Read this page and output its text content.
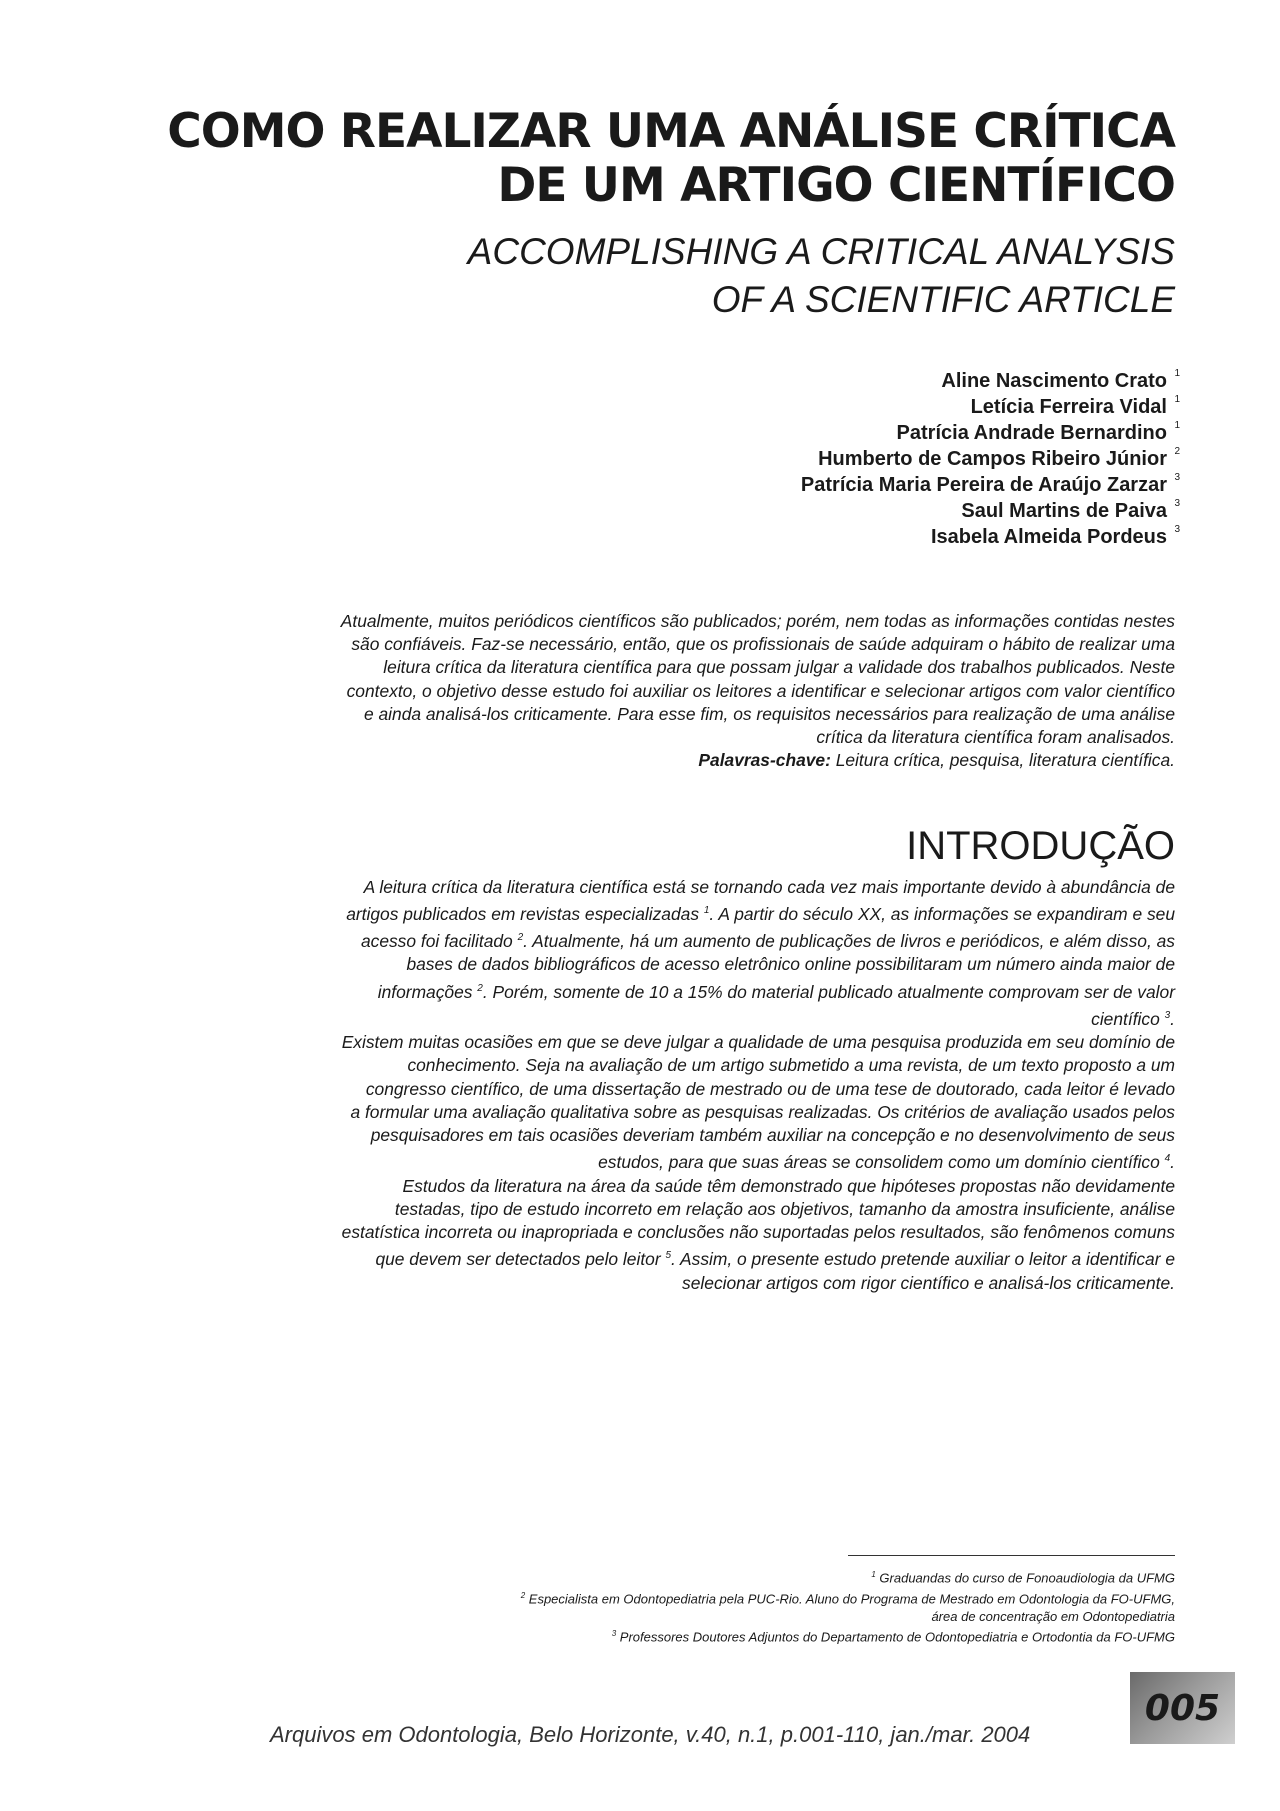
COMO REALIZAR UMA ANÁLISE CRÍTICA
DE UM ARTIGO CIENTÍFICO
ACCOMPLISHING A CRITICAL ANALYSIS
OF A SCIENTIFIC ARTICLE
Aline Nascimento Crato 1
Letícia Ferreira Vidal 1
Patrícia Andrade Bernardino 1
Humberto de Campos Ribeiro Júnior 2
Patrícia Maria Pereira de Araújo Zarzar 3
Saul Martins de Paiva 3
Isabela Almeida Pordeus 3
Atualmente, muitos periódicos científicos são publicados; porém, nem todas as informações contidas nestes
são confiáveis. Faz-se necessário, então, que os profissionais de saúde adquiram o hábito de realizar uma
leitura crítica da literatura científica para que possam julgar a validade dos trabalhos publicados. Neste
contexto, o objetivo desse estudo foi auxiliar os leitores a identificar e selecionar artigos com valor científico
e ainda analisá-los criticamente. Para esse fim, os requisitos necessários para realização de uma análise
crítica da literatura científica foram analisados.
Palavras-chave: Leitura crítica, pesquisa, literatura científica.
INTRODUÇÃO
A leitura crítica da literatura científica está se tornando cada vez mais importante devido à abundância de
artigos publicados em revistas especializadas $^1$. A partir do século XX, as informações se expandiram e seu
acesso foi facilitado $^2$. Atualmente, há um aumento de publicações de livros e periódicos, e além disso, as
bases de dados bibliográficos de acesso eletrônico online possibilitaram um número ainda maior de
informações $^2$. Porém, somente de 10 a 15% do material publicado atualmente comprovam ser de valor
científico $^3$.
Existem muitas ocasiões em que se deve julgar a qualidade de uma pesquisa produzida em seu domínio de
conhecimento. Seja na avaliação de um artigo submetido a uma revista, de um texto proposto a um
congresso científico, de uma dissertação de mestrado ou de uma tese de doutorado, cada leitor é levado
a formular uma avaliação qualitativa sobre as pesquisas realizadas. Os critérios de avaliação usados pelos
pesquisadores em tais ocasiões deveriam também auxiliar na concepção e no desenvolvimento de seus
estudos, para que suas áreas se consolidem como um domínio científico $^4$.
Estudos da literatura na área da saúde têm demonstrado que hipóteses propostas não devidamente
testadas, tipo de estudo incorreto em relação aos objetivos, tamanho da amostra insuficiente, análise
estatística incorreta ou inapropriada e conclusões não suportadas pelos resultados, são fenômenos comuns
que devem ser detectados pelo leitor $^5$. Assim, o presente estudo pretende auxiliar o leitor a identificar e
selecionar artigos com rigor científico e analisá-los criticamente.
$^1$ Graduandas do curso de Fonoaudiologia da UFMG
$^2$ Especialista em Odontopediatria pela PUC-Rio. Aluno do Programa de Mestrado em Odontologia da FO-UFMG,
área de concentração em Odontopediatria
$^3$ Professores Doutores Adjuntos do Departamento de Odontopediatria e Ortodontia da FO-UFMG
Arquivos em Odontologia, Belo Horizonte, v.40, n.1, p.001-110, jan./mar. 2004
005
